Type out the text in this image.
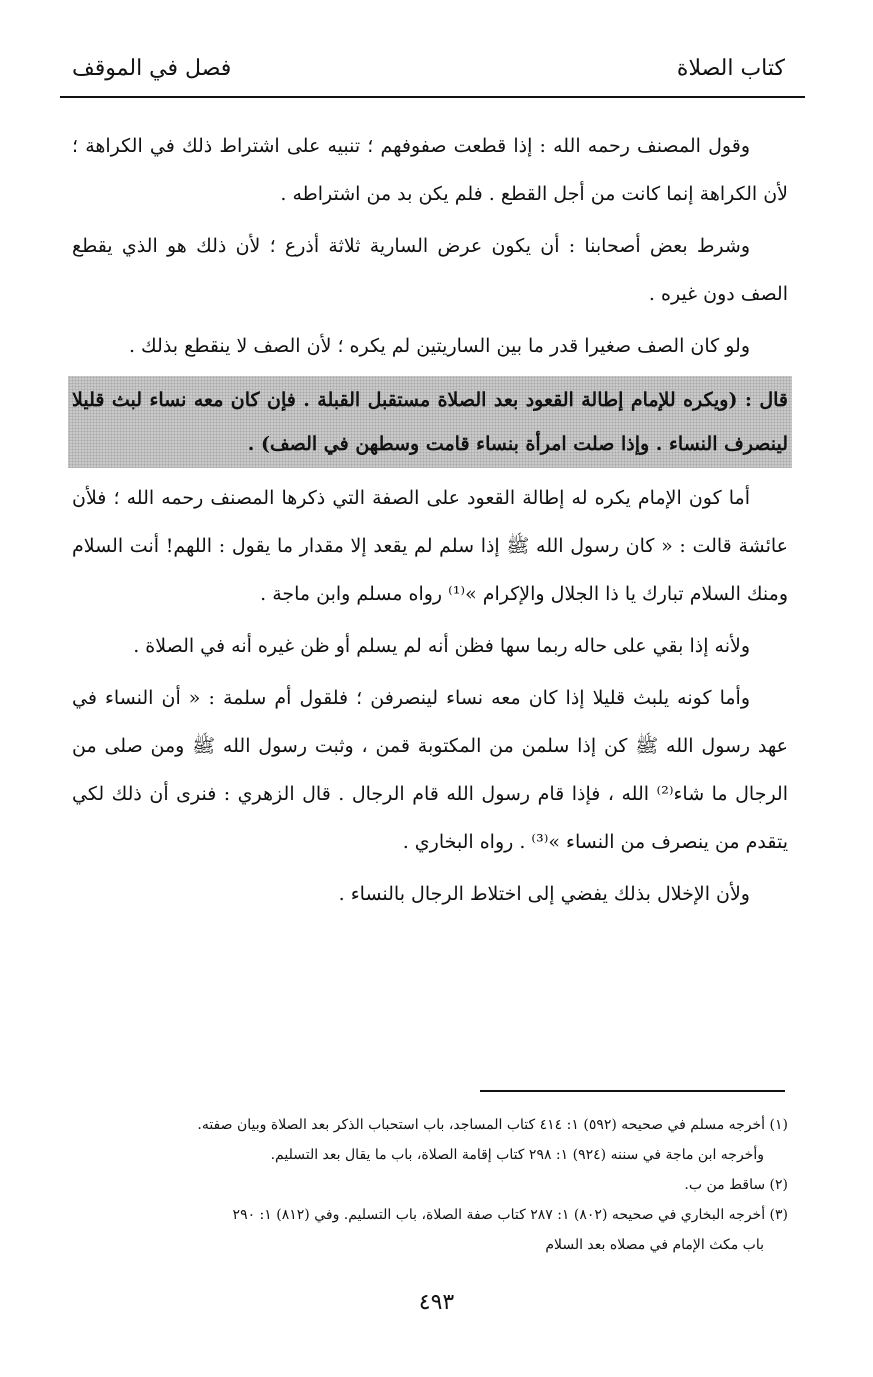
كتاب الصلاة
فصل في الموقف

وقول المصنف رحمه الله : إذا قطعت صفوفهم ؛ تنبيه على اشتراط ذلك في الكراهة ؛ لأن الكراهة إنما كانت من أجل القطع . فلم يكن بد من اشتراطه .

وشرط بعض أصحابنا : أن يكون عرض السارية ثلاثة أذرع ؛ لأن ذلك هو الذي يقطع الصف دون غيره .

ولو كان الصف صغيرا قدر ما بين الساريتين لم يكره ؛ لأن الصف لا ينقطع بذلك .

قال : (ويكره للإمام إطالة القعود بعد الصلاة مستقبل القبلة . فإن كان معه نساء لبث قليلا لينصرف النساء . وإذا صلت امرأة بنساء قامت وسطهن في الصف) .

أما كون الإمام يكره له إطالة القعود على الصفة التي ذكرها المصنف رحمه الله ؛ فلأن عائشة قالت : « كان رسول الله ﷺ إذا سلم لم يقعد إلا مقدار ما يقول : اللهم! أنت السلام ومنك السلام تبارك يا ذا الجلال والإكرام »⁽¹⁾ رواه مسلم وابن ماجة .

ولأنه إذا بقي على حاله ربما سها فظن أنه لم يسلم أو ظن غيره أنه في الصلاة .

وأما كونه يلبث قليلا إذا كان معه نساء لينصرفن ؛ فلقول أم سلمة : « أن النساء في عهد رسول الله ﷺ كن إذا سلمن من المكتوبة قمن ، وثبت رسول الله ﷺ ومن صلى من الرجال ما شاء⁽²⁾ الله ، فإذا قام رسول الله قام الرجال . قال الزهري : فنرى أن ذلك لكي يتقدم من ينصرف من النساء »⁽³⁾ . رواه البخاري .

ولأن الإخلال بذلك يفضي إلى اختلاط الرجال بالنساء .

(١) أخرجه مسلم في صحيحه (٥٩٢) ١: ٤١٤ كتاب المساجد، باب استحباب الذكر بعد الصلاة وبيان صفته.

وأخرجه ابن ماجة في سننه (٩٢٤) ١: ٢٩٨ كتاب إقامة الصلاة، باب ما يقال بعد التسليم.

(٢) ساقط من ب.

(٣) أخرجه البخاري في صحيحه (٨٠٢) ١: ٢٨٧ كتاب صفة الصلاة، باب التسليم. وفي (٨١٢) ١: ٢٩٠

باب مكث الإمام في مصلاه بعد السلام

٤٩٣
